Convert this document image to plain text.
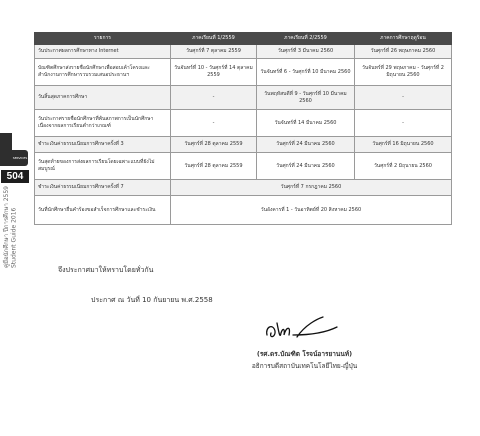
รายการ	ภาคเรียนที่ 1/2559	ภาคเรียนที่ 2/2559	ภาคการศึกษาฤดูร้อน
วันประกาศผลการศึกษาทาง Internet	วันศุกร์ที่ 7 ตุลาคม 2559	วันศุกร์ที่ 3 มีนาคม 2560	วันศุกร์ที่ 26 พฤษภาคม 2560
บัณฑิตศึกษาส่งรายชื่อนักศึกษาเพื่อสอบเค้าโครงและสำนักงานการศึกษารวบรวมเสนอประธานฯ	วันจันทร์ที่ 10 - วันศุกร์ที่ 14 ตุลาคม 2559	วันจันทร์ที่ 6 - วันศุกร์ที่ 10 มีนาคม 2560	วันจันทร์ที่ 29 พฤษภาคม - วันศุกร์ที่ 2 มิถุนายน 2560
วันสิ้นสุดภาคการศึกษา	-	วันพฤหัสบดีที่ 9 - วันศุกร์ที่ 10 มีนาคม 2560	-
วันประกาศรายชื่อนักศึกษาที่พ้นสภาพการเป็นนักศึกษา เนื่องจากผลการเรียนต่ำกว่าเกณฑ์	-	วันจันทร์ที่ 14 มีนาคม 2560	-
ชำระเงินค่าธรรมเนียมการศึกษาครั้งที่ 3	วันศุกร์ที่ 28 ตุลาคม 2559	วันศุกร์ที่ 24 มีนาคม 2560	วันศุกร์ที่ 16 มิถุนายน 2560
วันสุดท้ายของการส่งผลการเรียนโดยเฉพาะแบบที่ยังไม่สมบูรณ์	วันศุกร์ที่ 28 ตุลาคม 2559	วันศุกร์ที่ 24 มีนาคม 2560	วันศุกร์ที่ 2 มิถุนายน 2560
ชำระเงินค่าธรรมเนียมการศึกษาครั้งที่ 7	วันศุกร์ที่ 7 กรกฎาคม 2560		
วันที่นักศึกษายื่นคำร้องขอสำเร็จการศึกษาและชำระเงิน	วันอังคารที่ 1 - วันอาทิตย์ที่ 20 สิงหาคม 2560		
SERVICES
504
คู่มือนักศึกษา ปีการศึกษา 2559 Student Guide 2016
จึงประกาศมาให้ทราบโดยทั่วกัน
ประกาศ ณ วันที่ 10 กันยายน พ.ศ.2558
(รศ.ดร.บัณฑิต โรจน์อารยานนท์)
อธิการบดีสถาบันเทคโนโลยีไทย-ญี่ปุ่น
